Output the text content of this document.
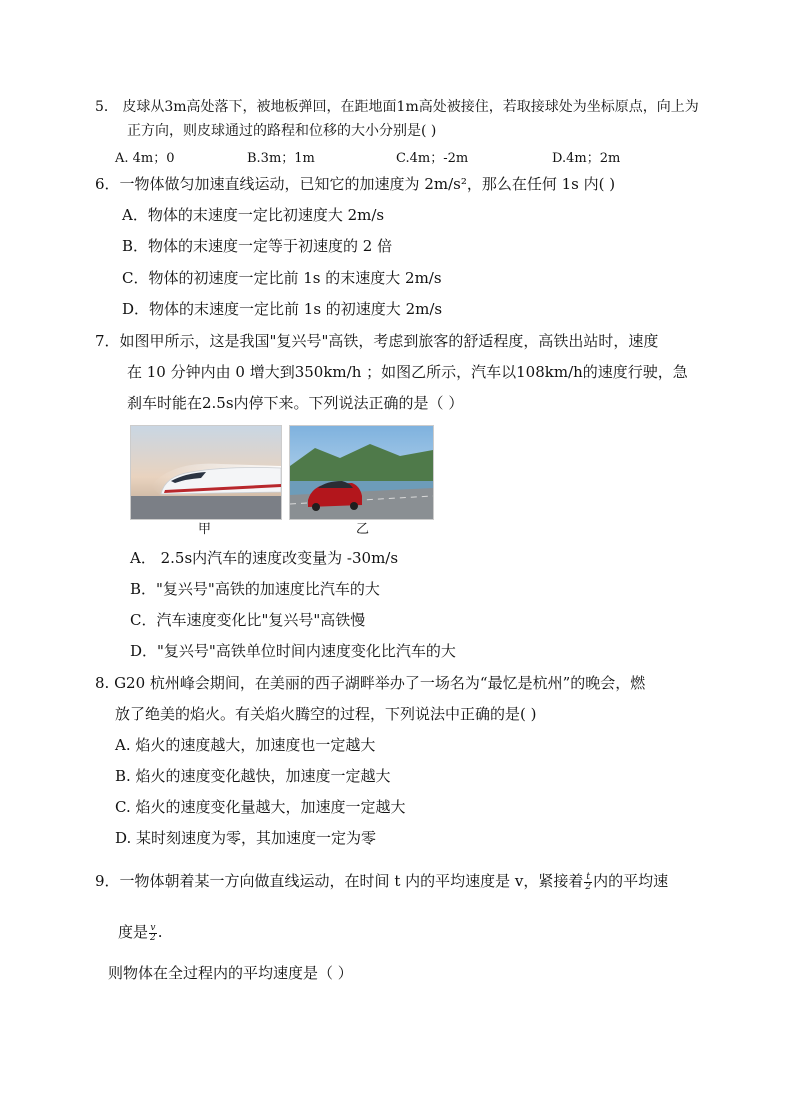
5． 皮球从3m高处落下，被地板弹回，在距地面1m高处被接住，若取接球处为坐标原点，向上为
正方向，则皮球通过的路程和位移的大小分别是( )
A. 4m；0	B.3m；1m	C.4m；-2m	D.4m；2m
6．一物体做匀加速直线运动，已知它的加速度为 2m/s²，那么在任何 1s 内( )
A．物体的末速度一定比初速度大 2m/s
B．物体的末速度一定等于初速度的 2 倍
C．物体的初速度一定比前 1s 的末速度大 2m/s
D．物体的末速度一定比前 1s 的初速度大 2m/s
7．如图甲所示，这是我国"复兴号"高铁，考虑到旅客的舒适程度，高铁出站时，速度
在 10 分钟内由 0 增大到350km/h ；如图乙所示，汽车以108km/h的速度行驶，急
刹车时能在2.5s内停下来。下列说法正确的是（ ）
甲	乙
A． 2.5s内汽车的速度改变量为 -30m/s
B．"复兴号"高铁的加速度比汽车的大
C．汽车速度变化比"复兴号"高铁慢
D．"复兴号"高铁单位时间内速度变化比汽车的大
8. G20 杭州峰会期间，在美丽的西子湖畔举办了一场名为“最忆是杭州”的晚会，燃
放了绝美的焰火。有关焰火腾空的过程，下列说法中正确的是( )
A. 焰火的速度越大，加速度也一定越大
B. 焰火的速度变化越快，加速度一定越大
C. 焰火的速度变化量越大，加速度一定越大
D. 某时刻速度为零，其加速度一定为零
9．一物体朝着某一方向做直线运动，在时间 t 内的平均速度是 v，紧接着 $\frac{t}{2}$ 内的平均速
度是 $\frac{v}{2}$ .
则物体在全过程内的平均速度是（ ）
